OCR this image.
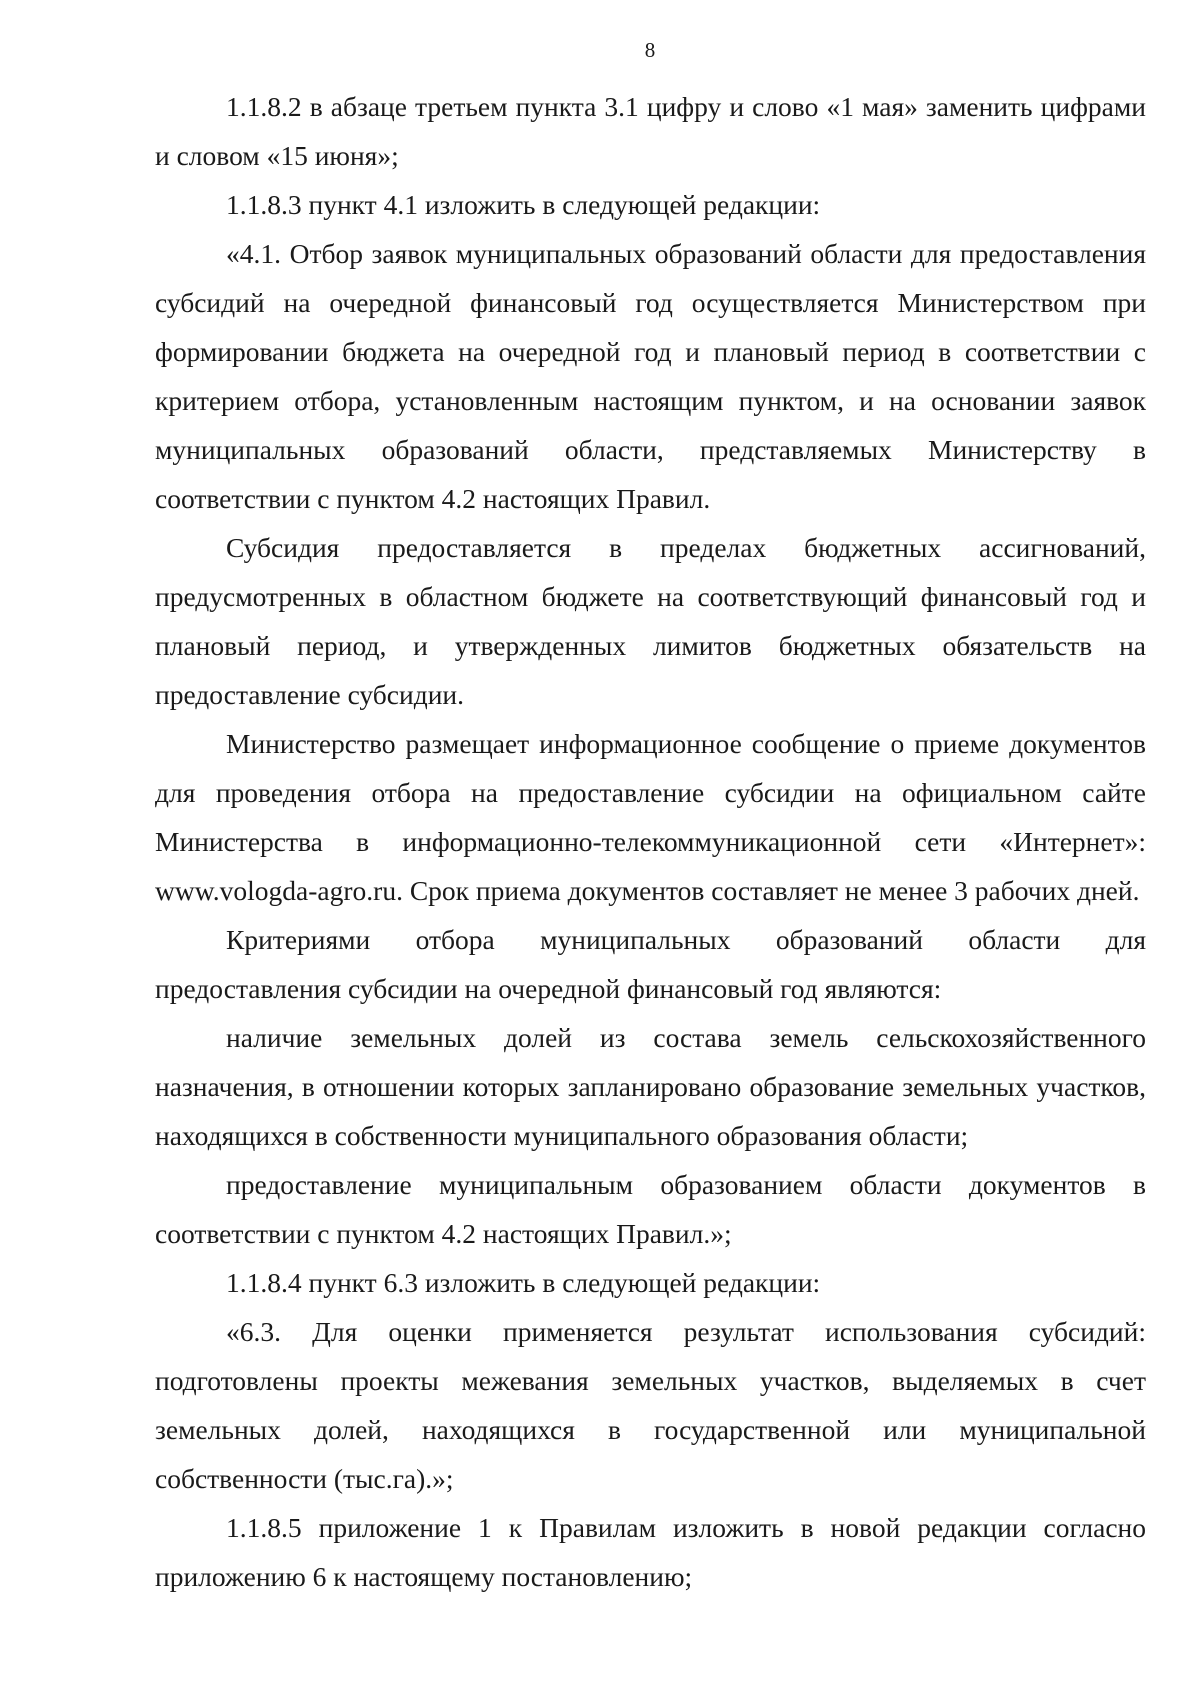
8

1.1.8.2 в абзаце третьем пункта 3.1 цифру и слово «1 мая» заменить цифрами и словом «15 июня»;

1.1.8.3 пункт 4.1 изложить в следующей редакции:

«4.1. Отбор заявок муниципальных образований области для предоставления субсидий на очередной финансовый год осуществляется Министерством при формировании бюджета на очередной год и плановый период в соответствии с критерием отбора, установленным настоящим пунктом, и на основании заявок муниципальных образований области, представляемых Министерству в соответствии с пунктом 4.2 настоящих Правил.

Субсидия предоставляется в пределах бюджетных ассигнований, предусмотренных в областном бюджете на соответствующий финансовый год и плановый период, и утвержденных лимитов бюджетных обязательств на предоставление субсидии.

Министерство размещает информационное сообщение о приеме документов для проведения отбора на предоставление субсидии на официальном сайте Министерства в информационно-телекоммуникационной сети «Интернет»: www.vologda-agro.ru. Срок приема документов составляет не менее 3 рабочих дней.

Критериями отбора муниципальных образований области для предоставления субсидии на очередной финансовый год являются:

наличие земельных долей из состава земель сельскохозяйственного назначения, в отношении которых запланировано образование земельных участков, находящихся в собственности муниципального образования области;

предоставление муниципальным образованием области документов в соответствии с пунктом 4.2 настоящих Правил.»;

1.1.8.4 пункт 6.3 изложить в следующей редакции:

«6.3. Для оценки применяется результат использования субсидий: подготовлены проекты межевания земельных участков, выделяемых в счет земельных долей, находящихся в государственной или муниципальной собственности (тыс.га).»;

1.1.8.5 приложение 1 к Правилам изложить в новой редакции согласно приложению 6 к настоящему постановлению;
